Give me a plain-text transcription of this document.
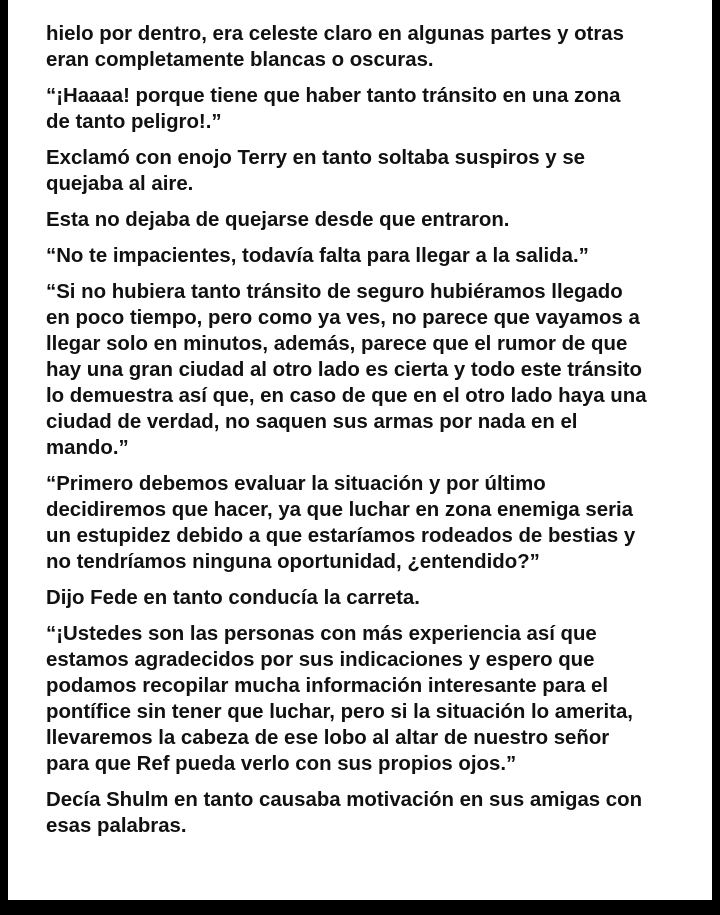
hielo por dentro, era celeste claro en algunas partes y otras
eran completamente blancas o oscuras.

“¡Haaaa! porque tiene que haber tanto tránsito en una zona
de tanto peligro!.”

Exclamó con enojo Terry en tanto soltaba suspiros y se
quejaba al aire.

Esta no dejaba de quejarse desde que entraron.

“No te impacientes, todavía falta para llegar a la salida.”

“Si no hubiera tanto tránsito de seguro hubiéramos llegado
en poco tiempo, pero como ya ves, no parece que vayamos a
llegar solo en minutos, además, parece que el rumor de que
hay una gran ciudad al otro lado es cierta y todo este tránsito
lo demuestra así que, en caso de que en el otro lado haya una
ciudad de verdad, no saquen sus armas por nada en el
mando.”

“Primero debemos evaluar la situación y por último
decidiremos que hacer, ya que luchar en zona enemiga seria
un estupidez debido a que estaríamos rodeados de bestias y
no tendríamos ninguna oportunidad, ¿entendido?”

Dijo Fede en tanto conducía la carreta.

“¡Ustedes son las personas con más experiencia así que
estamos agradecidos por sus indicaciones y espero que
podamos recopilar mucha información interesante para el
pontífice sin tener que luchar, pero si la situación lo amerita,
llevaremos la cabeza de ese lobo al altar de nuestro señor
para que Ref pueda verlo con sus propios ojos.”

Decía Shulm en tanto causaba motivación en sus amigas con
esas palabras.
